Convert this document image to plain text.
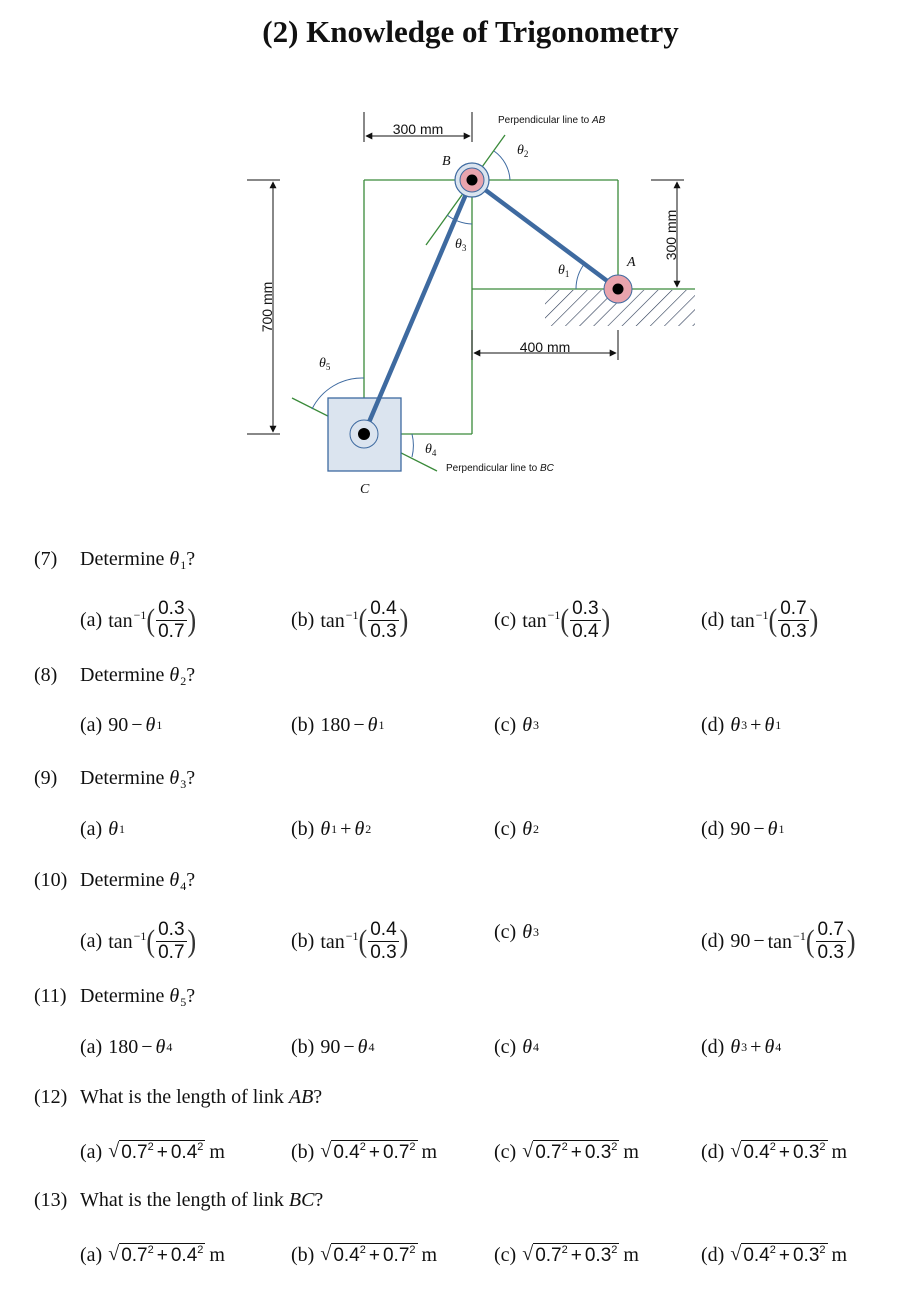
(2) Knowledge of Trigonometry
300 mm
400 mm
700 mm
300 mm
Perpendicular line to AB
Perpendicular line to BC
B
A
C
$\theta_1$
$\theta_2$
$\theta_3$
$\theta_4$
$\theta_5$
(7) Determine $\theta_1$?
(a) $\tan^{-1}$ ( $\frac{0.3}{0.7}$ )	(b) $\tan^{-1}$ ( $\frac{0.4}{0.3}$ )	(c) $\tan^{-1}$ ( $\frac{0.3}{0.4}$ )	(d) $\tan^{-1}$ ( $\frac{0.7}{0.3}$ )
(8) Determine $\theta_2$?
(a) 90 − θ 1	(b) 180 − θ 1	(c) θ 3	(d) θ 3 + θ 1
(9) Determine $\theta_3$?
(a) θ 1	(b) θ 1 + θ 2	(c) θ 2	(d) 90 − θ 1
(10) Determine $\theta_4$?
(a) $\tan^{-1}$ ( $\frac{0.3}{0.7}$ )	(b) $\tan^{-1}$ ( $\frac{0.4}{0.3}$ )	(c) θ 3	(d) $90 - \tan^{-1}$ ( $\frac{0.7}{0.3}$ )
(11) Determine $\theta_5$?
(a) 180 − θ 4	(b) 90 − θ 4	(c) θ 4	(d) θ 3 + θ 4
(12) What is the length of link AB?
(a) √ $0.7^2 + 0.4^2$ m	(b) √ $0.4^2 + 0.7^2$ m	(c) √ $0.7^2 + 0.3^2$ m	(d) √ $0.4^2 + 0.3^2$ m
(13) What is the length of link BC?
(a) √ $0.7^2 + 0.4^2$ m	(b) √ $0.4^2 + 0.7^2$ m	(c) √ $0.7^2 + 0.3^2$ m	(d) √ $0.4^2 + 0.3^2$ m
